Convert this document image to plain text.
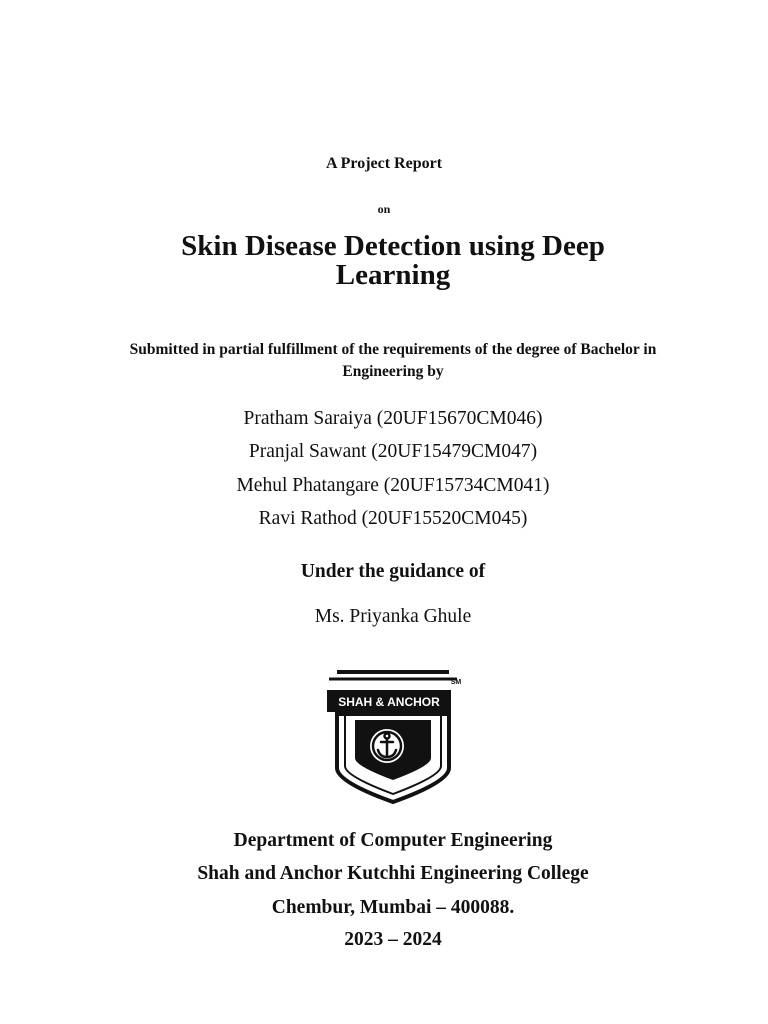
A Project Report
on
Skin Disease Detection using Deep Learning
Submitted in partial fulfillment of the requirements of the degree of Bachelor in Engineering by
Pratham Saraiya (20UF15670CM046)
Pranjal Sawant (20UF15479CM047)
Mehul Phatangare (20UF15734CM041)
Ravi Rathod (20UF15520CM045)
Under the guidance of
Ms. Priyanka Ghule
SHAH & ANCHOR
SM
Department of Computer Engineering
Shah and Anchor Kutchhi Engineering College
Chembur, Mumbai – 400088.
2023 – 2024
